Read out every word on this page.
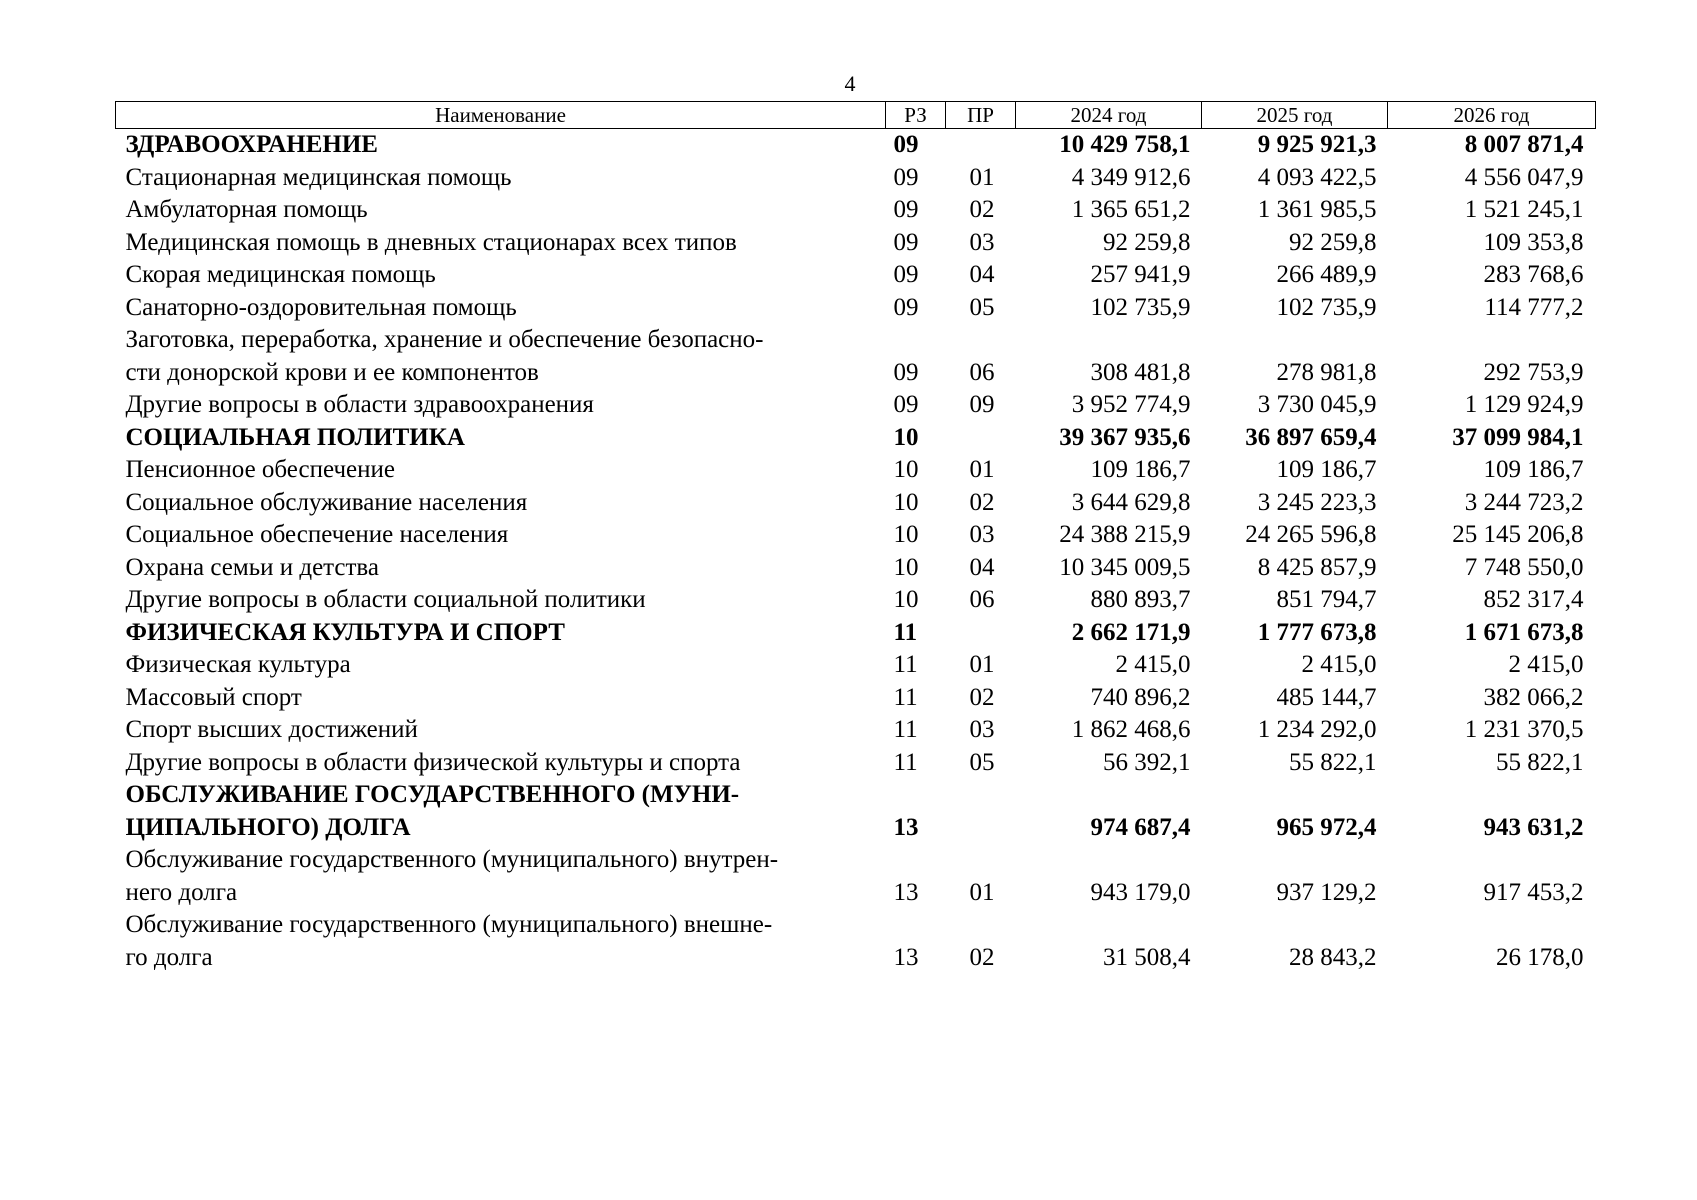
4
Наименование	РЗ	ПР	2024 год	2025 год	2026 год

ЗДРАВООХРАНЕНИЕ	09		10 429 758,1	9 925 921,3	8 007 871,4

Стационарная медицинская помощь	09	01	4 349 912,6	4 093 422,5	4 556 047,9

Амбулаторная помощь	09	02	1 365 651,2	1 361 985,5	1 521 245,1

Медицинская помощь в дневных стационарах всех типов	09	03	92 259,8	92 259,8	109 353,8

Скорая медицинская помощь	09	04	257 941,9	266 489,9	283 768,6

Санаторно-оздоровительная помощь	09	05	102 735,9	102 735,9	114 777,2

Заготовка, переработка, хранение и обеспечение безопасно-
сти донорской крови и ее компонентов	09	06	308 481,8	278 981,8	292 753,9

Другие вопросы в области здравоохранения	09	09	3 952 774,9	3 730 045,9	1 129 924,9

СОЦИАЛЬНАЯ ПОЛИТИКА	10		39 367 935,6	36 897 659,4	37 099 984,1

Пенсионное обеспечение	10	01	109 186,7	109 186,7	109 186,7

Социальное обслуживание населения	10	02	3 644 629,8	3 245 223,3	3 244 723,2

Социальное обеспечение населения	10	03	24 388 215,9	24 265 596,8	25 145 206,8

Охрана семьи и детства	10	04	10 345 009,5	8 425 857,9	7 748 550,0

Другие вопросы в области социальной политики	10	06	880 893,7	851 794,7	852 317,4

ФИЗИЧЕСКАЯ КУЛЬТУРА И СПОРТ	11		2 662 171,9	1 777 673,8	1 671 673,8

Физическая культура	11	01	2 415,0	2 415,0	2 415,0

Массовый спорт	11	02	740 896,2	485 144,7	382 066,2

Спорт высших достижений	11	03	1 862 468,6	1 234 292,0	1 231 370,5

Другие вопросы в области физической культуры и спорта	11	05	56 392,1	55 822,1	55 822,1

ОБСЛУЖИВАНИЕ ГОСУДАРСТВЕННОГО (МУНИ-
ЦИПАЛЬНОГО) ДОЛГА	13		974 687,4	965 972,4	943 631,2

Обслуживание государственного (муниципального) внутрен-
него долга	13	01	943 179,0	937 129,2	917 453,2

Обслуживание государственного (муниципального) внешне-
го долга	13	02	31 508,4	28 843,2	26 178,0
